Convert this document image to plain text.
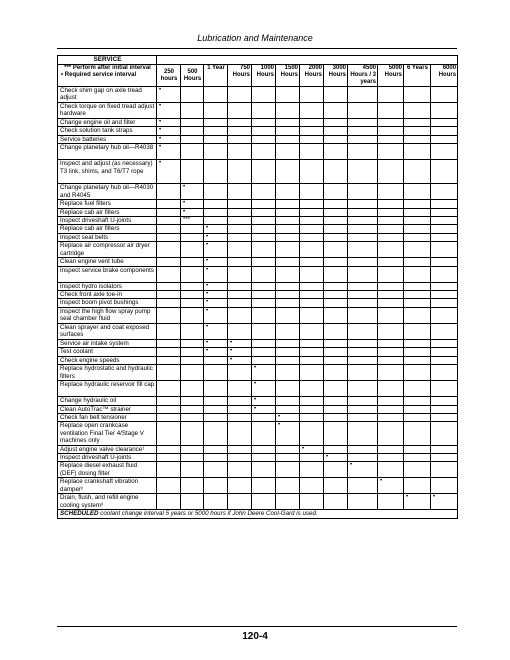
Lubrication and Maintenance
SERVICE												

*** Perform after initial interval
• Required service interval	250 hours	500 Hours	1 Year	750 Hours	1000 Hours	1500 Hours	2000 Hours	3000 Hours	4500 Hours / 3 years	5000 Hours	6 Years	6000 Hours
Check shim gap on axle tread adjust	•											
Check torque on fixed tread adjust hardware	•											
Change engine oil and filter	•											
Check solution tank straps	•											
Service batteries	•											
Change planetary hub oil—R4038	•											
Inspect and adjust (as necessary) T3 link, shims, and T6/T7 rope	•											
Change planetary hub oil—R4030 and R4045		•										
Replace fuel filters		•										
Replace cab air filters		•										
Inspect driveshaft U-joints		***										
Replace cab air filters			•									
Inspect seat belts			•									
Replace air compressor air dryer cartridge			•									
Clean engine vent tube			•									
Inspect service brake components			•									
Inspect hydro isolators			•									
Check front axle toe-in			•									
Inspect boom pivot bushings			•									
Inspect the high flow spray pump seal chamber fluid			•									
Clean sprayer and coat exposed surfaces			•									
Service air intake system			•	•								
Test coolant			•	•								
Check engine speeds				•								
Replace hydrostatic and hydraulic filters					•							
Replace hydraulic reservoir fill cap					•							
Change hydraulic oil					•							
Clean AutoTrac™ strainer					•							
Check fan belt tensioner						•						
Replace open crankcase ventilation Final Tier 4/Stage V machines only						•						
Adjust engine valve clearance¹							•					
Inspect driveshaft U-joints								•				
Replace diesel exhaust fluid (DEF) dosing filter									•			
Replace crankshaft vibration damper²										•		
Drain, flush, and refill engine cooling system³											•	•
SCHEDULED coolant change interval 5 years or 5000 hours if John Deere Cool-Gard is used.												
120-4
